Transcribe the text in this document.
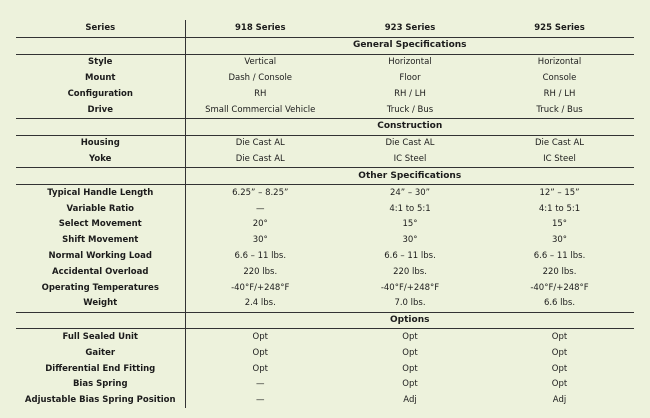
Series	918 Series	923 Series	925 Series
	General Specifications		
Style	Vertical	Horizontal	Horizontal
Mount	Dash / Console	Floor	Console
Configuration	RH	RH / LH	RH / LH
Drive	Small Commercial Vehicle	Truck / Bus	Truck / Bus
	Construction		
Housing	Die Cast AL	Die Cast AL	Die Cast AL
Yoke	Die Cast AL	IC Steel	IC Steel
	Other Specifications		
Typical Handle Length	6.25” – 8.25”	24” – 30”	12” – 15”
Variable Ratio	—	4:1 to 5:1	4:1 to 5:1
Select Movement	20°	15°	15°
Shift Movement	30°	30°	30°
Normal Working Load	6.6 – 11 lbs.	6.6 – 11 lbs.	6.6 – 11 lbs.
Accidental Overload	220 lbs.	220 lbs.	220 lbs.
Operating Temperatures	-40°F/+248°F	-40°F/+248°F	-40°F/+248°F
Weight	2.4 lbs.	7.0 lbs.	6.6 lbs.
	Options		
Full Sealed Unit	Opt	Opt	Opt
Gaiter	Opt	Opt	Opt
Differential End Fitting	Opt	Opt	Opt
Bias Spring	—	Opt	Opt
Adjustable Bias Spring Position	—	Adj	Adj
